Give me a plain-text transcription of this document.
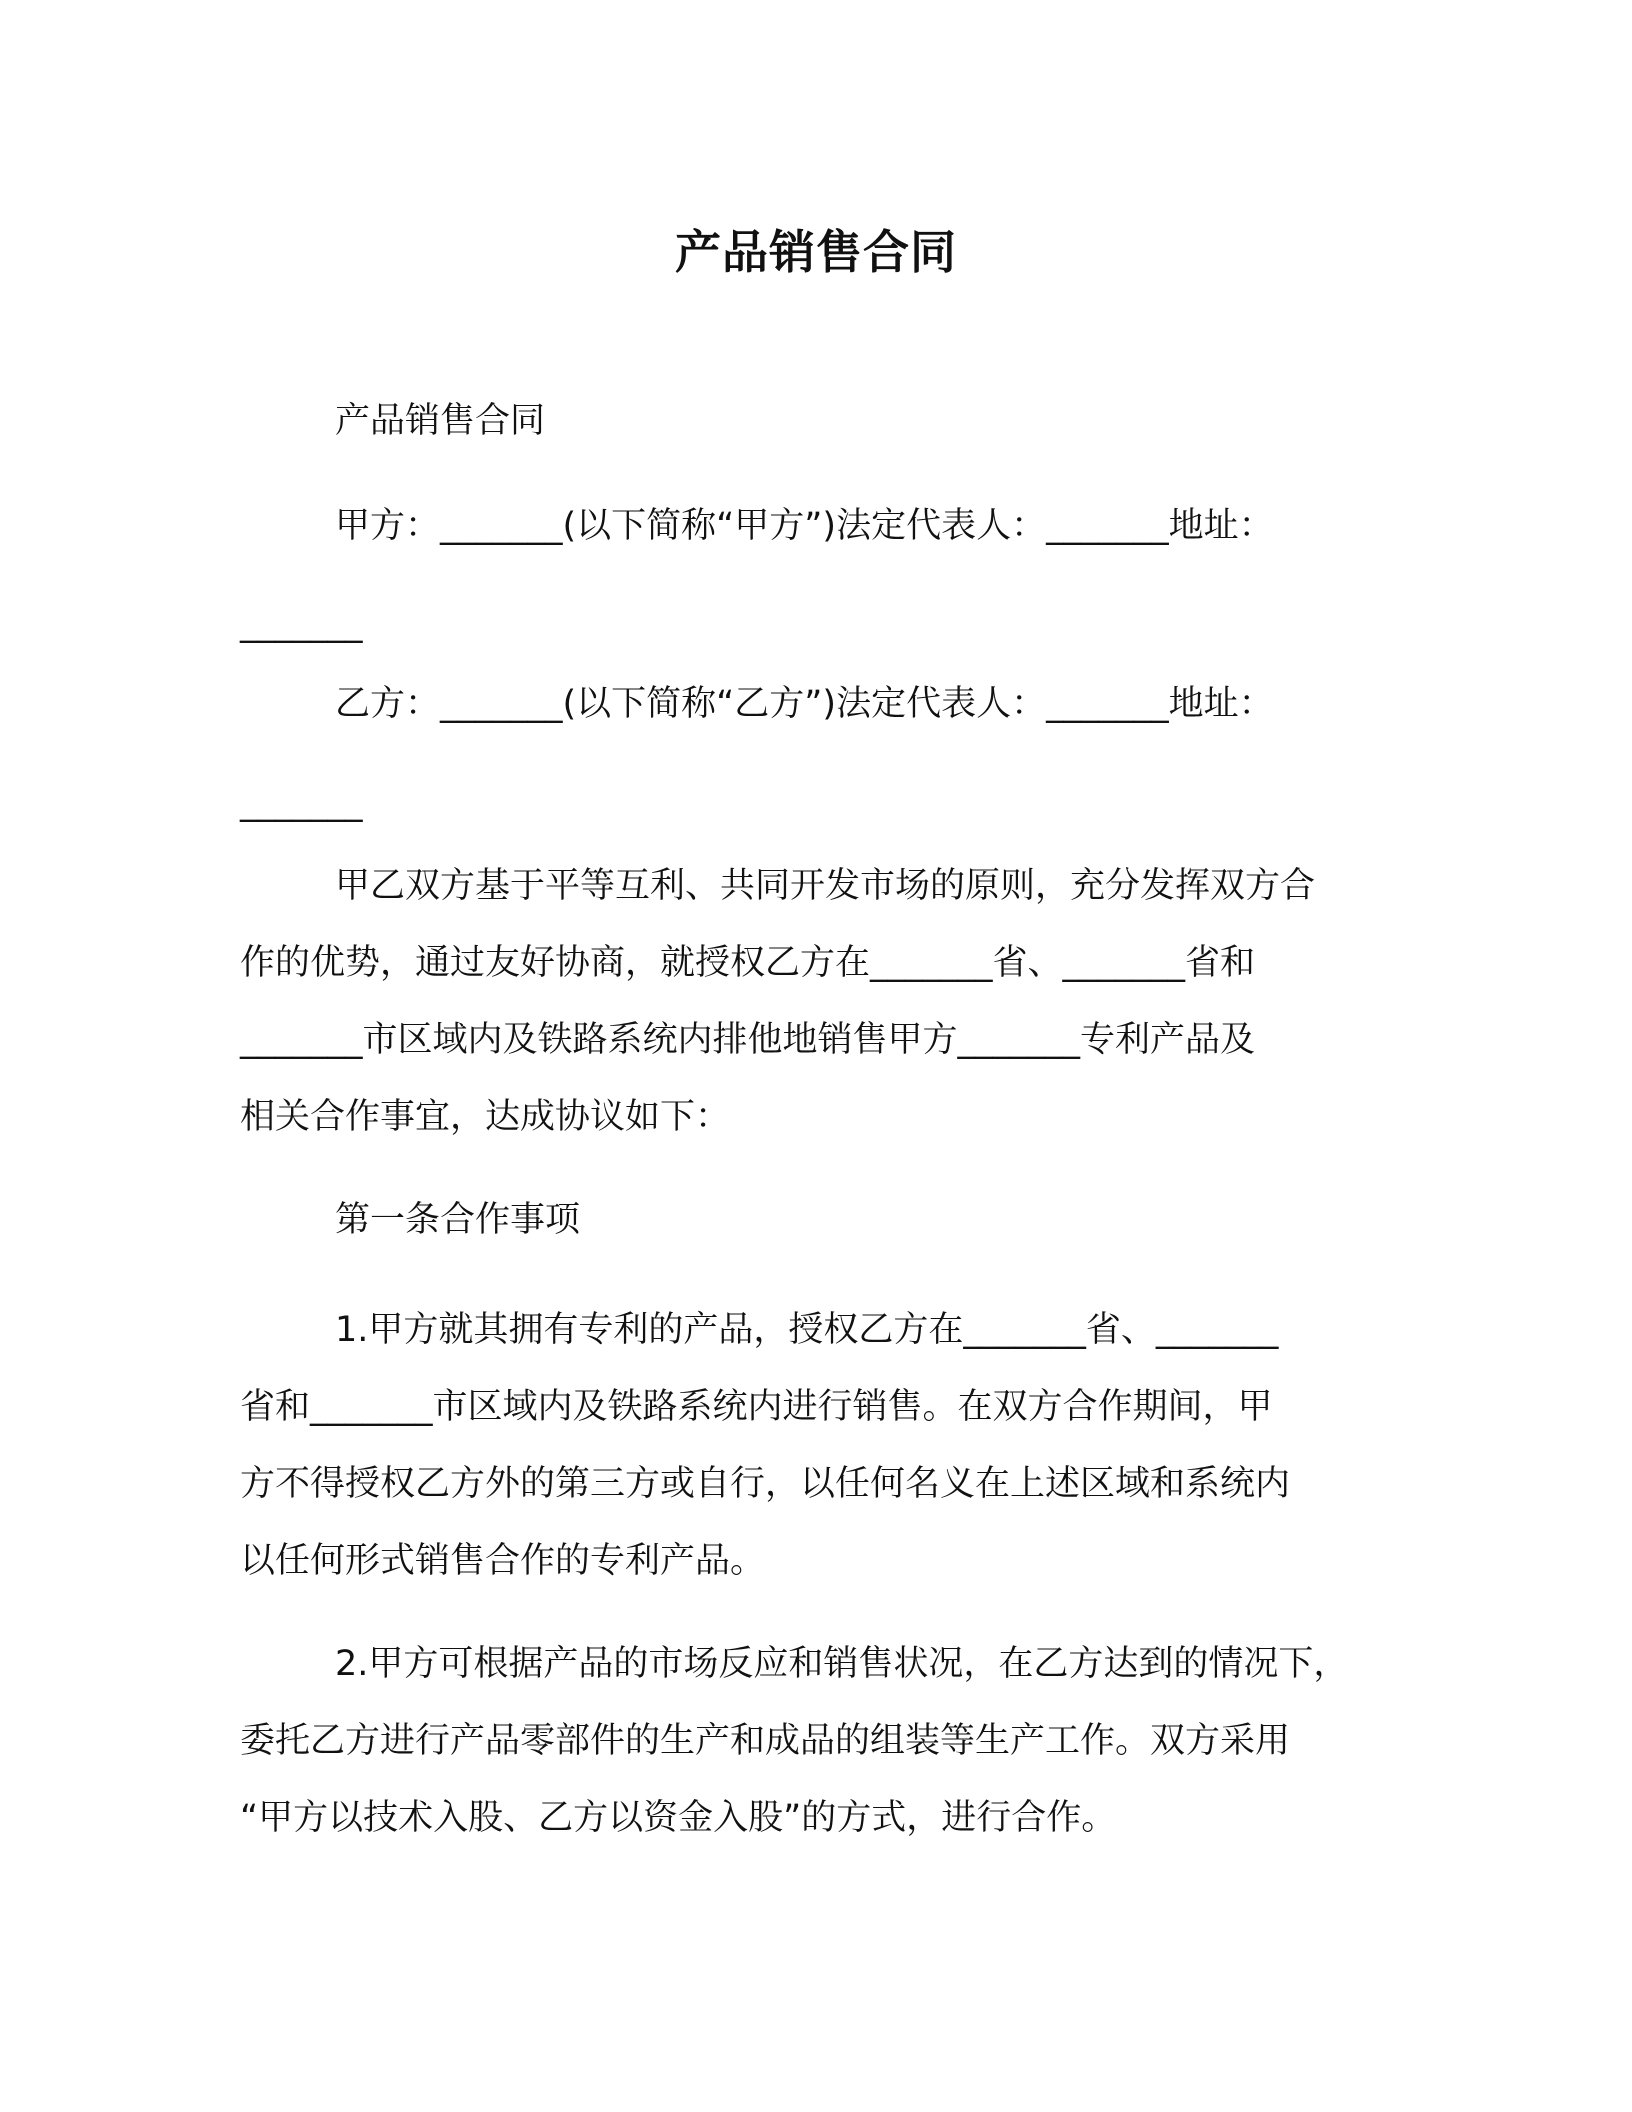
产品销售合同
产品销售合同
甲方：_______(以下简称“甲方”)法定代表人：_______地址：
_______
乙方：_______(以下简称“乙方”)法定代表人：_______地址：
_______
甲乙双方基于平等互利、共同开发市场的原则，充分发挥双方合
作的优势，通过友好协商，就授权乙方在_______省、_______省和
_______市区域内及铁路系统内排他地销售甲方_______专利产品及
相关合作事宜，达成协议如下：
第一条合作事项
1.甲方就其拥有专利的产品，授权乙方在_______省、_______
省和_______市区域内及铁路系统内进行销售。在双方合作期间，甲
方不得授权乙方外的第三方或自行，以任何名义在上述区域和系统内
以任何形式销售合作的专利产品。
2.甲方可根据产品的市场反应和销售状况，在乙方达到的情况下，
委托乙方进行产品零部件的生产和成品的组装等生产工作。双方采用
“甲方以技术入股、乙方以资金入股”的方式，进行合作。
